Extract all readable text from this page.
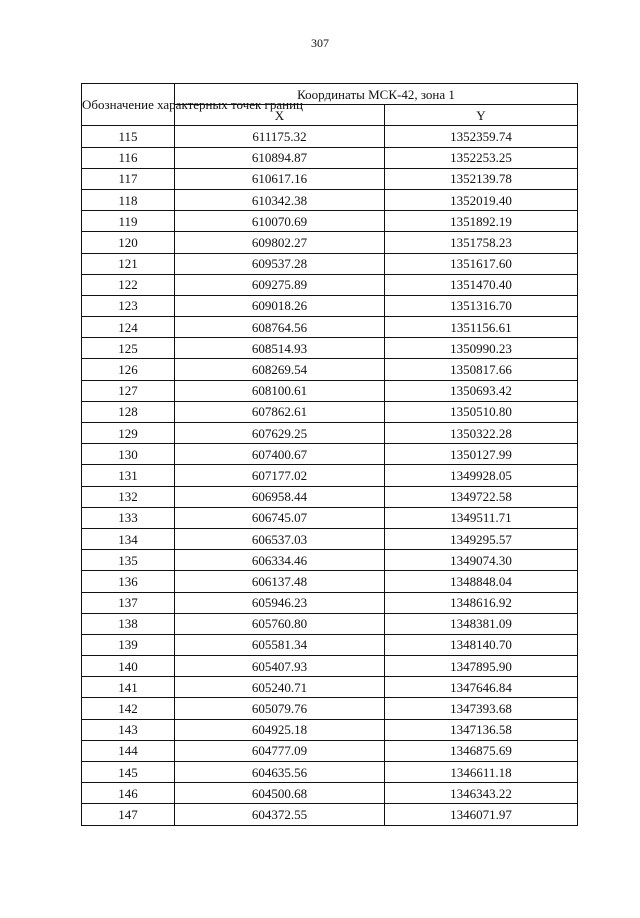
307
Обозначение характерных точек границ	Координаты МСК-42, зона 1	
	X	Y
115	611175.32	1352359.74
116	610894.87	1352253.25
117	610617.16	1352139.78
118	610342.38	1352019.40
119	610070.69	1351892.19
120	609802.27	1351758.23
121	609537.28	1351617.60
122	609275.89	1351470.40
123	609018.26	1351316.70
124	608764.56	1351156.61
125	608514.93	1350990.23
126	608269.54	1350817.66
127	608100.61	1350693.42
128	607862.61	1350510.80
129	607629.25	1350322.28
130	607400.67	1350127.99
131	607177.02	1349928.05
132	606958.44	1349722.58
133	606745.07	1349511.71
134	606537.03	1349295.57
135	606334.46	1349074.30
136	606137.48	1348848.04
137	605946.23	1348616.92
138	605760.80	1348381.09
139	605581.34	1348140.70
140	605407.93	1347895.90
141	605240.71	1347646.84
142	605079.76	1347393.68
143	604925.18	1347136.58
144	604777.09	1346875.69
145	604635.56	1346611.18
146	604500.68	1346343.22
147	604372.55	1346071.97
